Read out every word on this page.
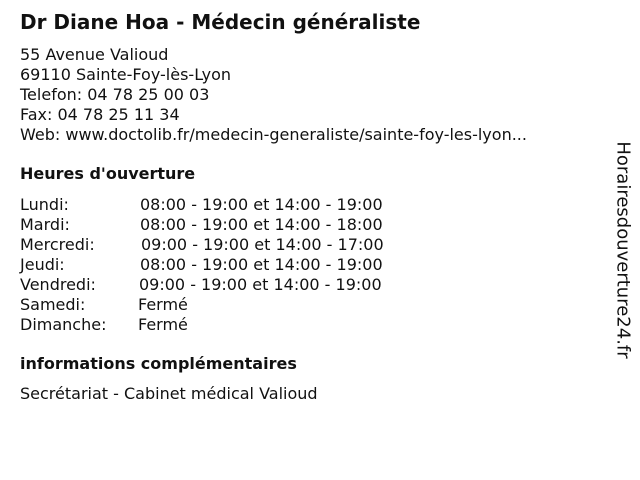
Dr Diane Hoa - Médecin généraliste
55 Avenue Valioud
69110 Sainte-Foy-lès-Lyon
Telefon: 04 78 25 00 03
Fax: 04 78 25 11 34
Web: www.doctolib.fr/medecin-generaliste/sainte-foy-les-lyon...
Heures d'ouverture
Lundi:	08:00 - 19:00 et 14:00 - 19:00
Mardi:	08:00 - 19:00 et 14:00 - 18:00
Mercredi:	09:00 - 19:00 et 14:00 - 17:00
Jeudi:	08:00 - 19:00 et 14:00 - 19:00
Vendredi:	09:00 - 19:00 et 14:00 - 19:00
Samedi:	Fermé
Dimanche: Fermé
informations complémentaires
Secrétariat - Cabinet médical Valioud
Horairesdouverture24.fr
